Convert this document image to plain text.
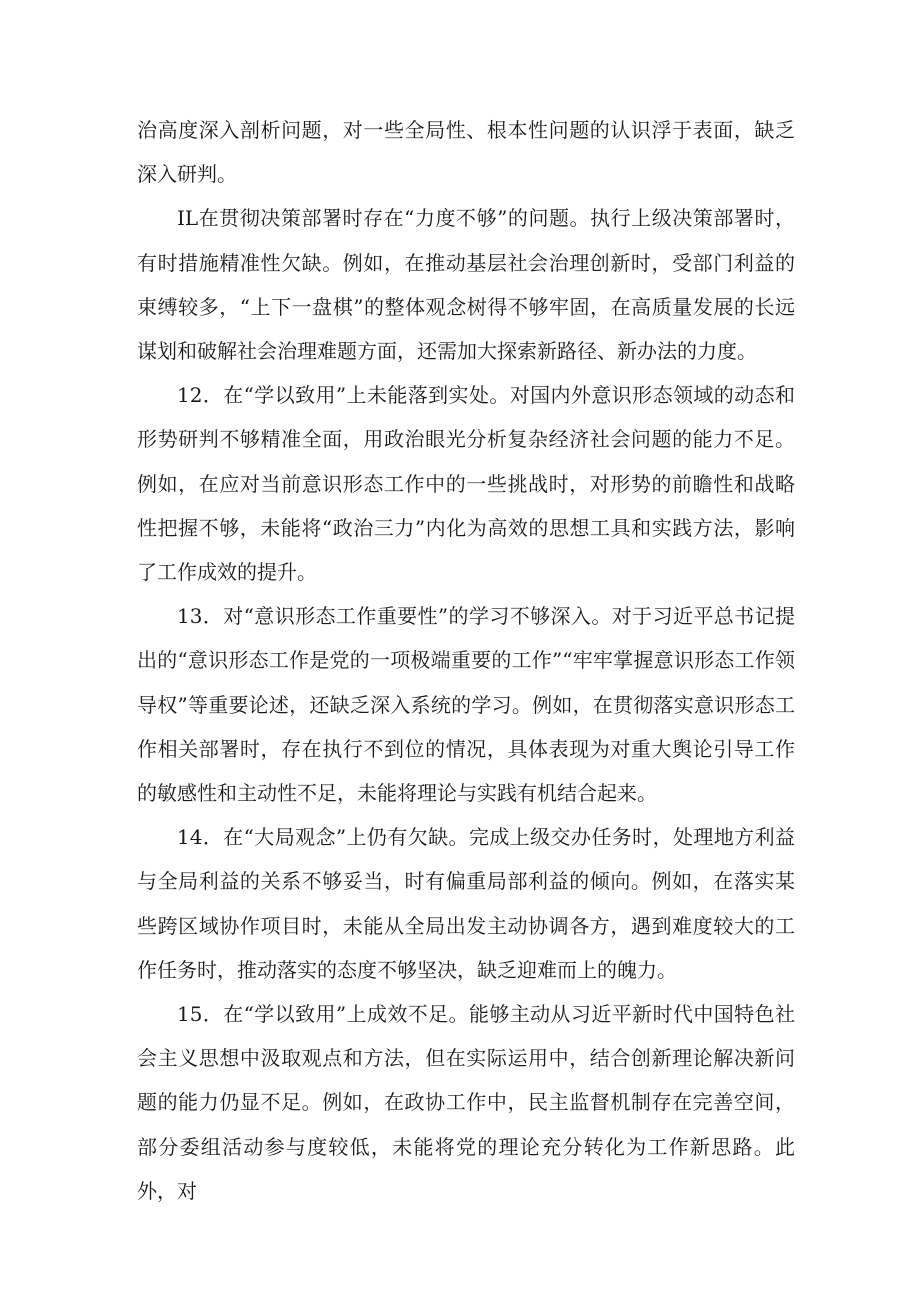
治高度深入剖析问题，对一些全局性、根本性问题的认识浮于表面，缺乏深入研判。

IL在贯彻决策部署时存在“力度不够”的问题。执行上级决策部署时，有时措施精准性欠缺。例如，在推动基层社会治理创新时，受部门利益的束缚较多，“上下一盘棋”的整体观念树得不够牢固，在高质量发展的长远谋划和破解社会治理难题方面，还需加大探索新路径、新办法的力度。

12．在“学以致用”上未能落到实处。对国内外意识形态领域的动态和形势研判不够精准全面，用政治眼光分析复杂经济社会问题的能力不足。例如，在应对当前意识形态工作中的一些挑战时，对形势的前瞻性和战略性把握不够，未能将“政治三力”内化为高效的思想工具和实践方法，影响了工作成效的提升。

13．对“意识形态工作重要性”的学习不够深入。对于习近平总书记提出的“意识形态工作是党的一项极端重要的工作”“牢牢掌握意识形态工作领导权”等重要论述，还缺乏深入系统的学习。例如，在贯彻落实意识形态工作相关部署时，存在执行不到位的情况，具体表现为对重大舆论引导工作的敏感性和主动性不足，未能将理论与实践有机结合起来。

14．在“大局观念”上仍有欠缺。完成上级交办任务时，处理地方利益与全局利益的关系不够妥当，时有偏重局部利益的倾向。例如，在落实某些跨区域协作项目时，未能从全局出发主动协调各方，遇到难度较大的工作任务时，推动落实的态度不够坚决，缺乏迎难而上的魄力。

15．在“学以致用”上成效不足。能够主动从习近平新时代中国特色社会主义思想中汲取观点和方法，但在实际运用中，结合创新理论解决新问题的能力仍显不足。例如，在政协工作中，民主监督机制存在完善空间，部分委组活动参与度较低，未能将党的理论充分转化为工作新思路。此外，对
